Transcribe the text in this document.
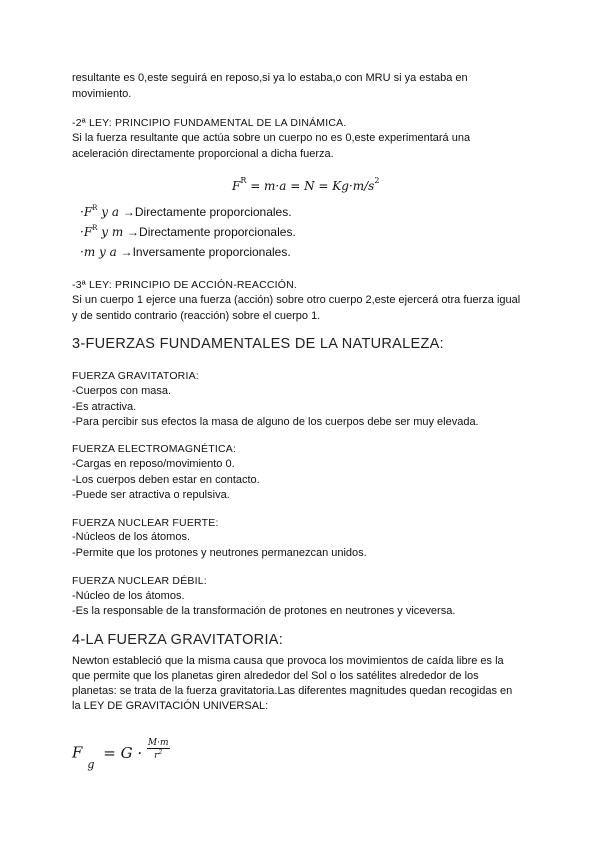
resultante es 0,este seguirá en reposo,si ya lo estaba,o con MRU si ya estaba en
movimiento.
-2ª LEY: PRINCIPIO FUNDAMENTAL DE LA DINÁMICA.
Si la fuerza resultante que actúa sobre un cuerpo no es 0,este experimentará una
aceleración directamente proporcional a dicha fuerza.
$F^R = m\cdot a = N = Kg\cdot m/s^2$
$\cdot F^R$ y a →Directamente proporcionales.
$\cdot F^R$ y m →Directamente proporcionales.
·m y a →Inversamente proporcionales.
-3ª LEY: PRINCIPIO DE ACCIÓN-REACCIÓN.
Si un cuerpo 1 ejerce una fuerza (acción) sobre otro cuerpo 2,este ejercerá otra fuerza igual
y de sentido contrario (reacción) sobre el cuerpo 1.
3-FUERZAS FUNDAMENTALES DE LA NATURALEZA:
FUERZA GRAVITATORIA:
-Cuerpos con masa.
-Es atractiva.
-Para percibir sus efectos la masa de alguno de los cuerpos debe ser muy elevada.
FUERZA ELECTROMAGNÉTICA:
-Cargas en reposo/movimiento 0.
-Los cuerpos deben estar en contacto.
-Puede ser atractiva o repulsiva.
FUERZA NUCLEAR FUERTE:
-Núcleos de los átomos.
-Permite que los protones y neutrones permanezcan unidos.
FUERZA NUCLEAR DÉBIL:
-Núcleo de los átomos.
-Es la responsable de la transformación de protones en neutrones y viceversa.
4-LA FUERZA GRAVITATORIA:
Newton estableció que la misma causa que provoca los movimientos de caída libre es la
que permite que los planetas giren alrededor del Sol o los satélites alrededor de los
planetas: se trata de la fuerza gravitatoria.Las diferentes magnitudes quedan recogidas en
la LEY DE GRAVITACIÓN UNIVERSAL:
$F_g = G \cdot \frac{M\cdot m}{r^2}$
